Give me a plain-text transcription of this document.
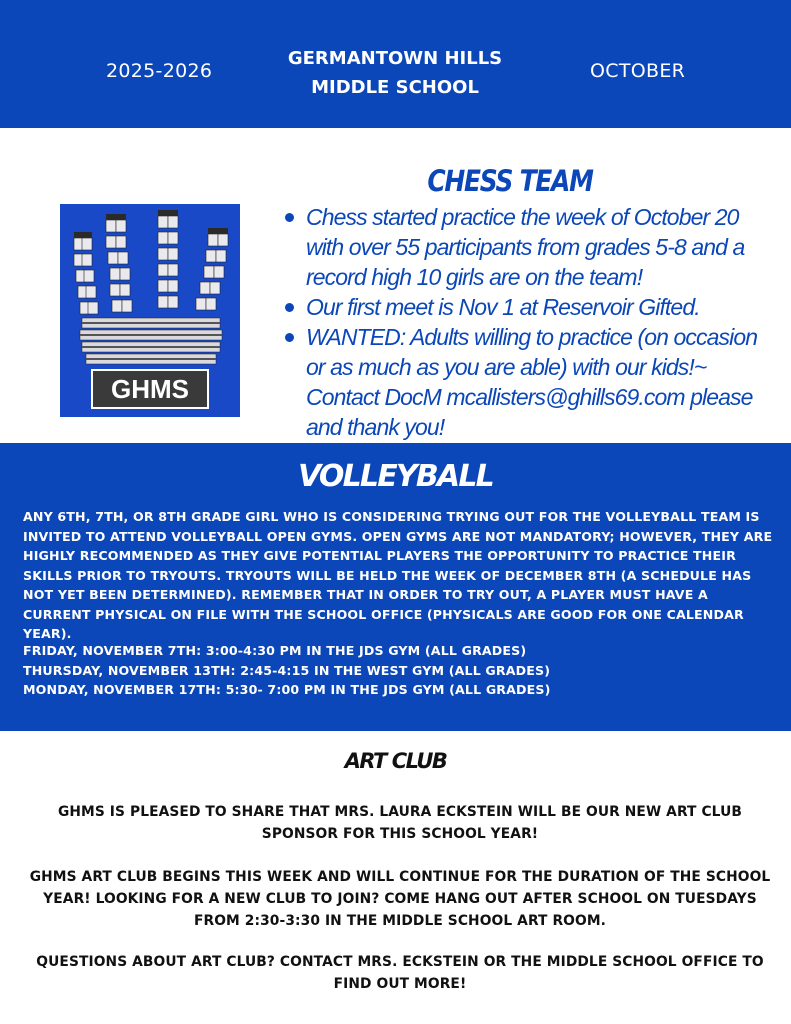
2025-2026
GERMANTOWN HILLS MIDDLE SCHOOL
OCTOBER
GHMS
CHESS TEAM
Chess started practice the week of October 20 with over 55 participants from grades 5-8 and a record high 10 girls are on the team!
Our first meet is Nov 1 at Reservoir Gifted.
WANTED: Adults willing to practice (on occasion or as much as you are able) with our kids!~ Contact DocM mcallisters@ghills69.com please and thank you!
VOLLEYBALL
ANY 6TH, 7TH, OR 8TH GRADE GIRL WHO IS CONSIDERING TRYING OUT FOR THE VOLLEYBALL TEAM IS INVITED TO ATTEND VOLLEYBALL OPEN GYMS. OPEN GYMS ARE NOT MANDATORY; HOWEVER, THEY ARE HIGHLY RECOMMENDED AS THEY GIVE POTENTIAL PLAYERS THE OPPORTUNITY TO PRACTICE THEIR SKILLS PRIOR TO TRYOUTS. TRYOUTS WILL BE HELD THE WEEK OF DECEMBER 8TH (A SCHEDULE HAS NOT YET BEEN DETERMINED). REMEMBER THAT IN ORDER TO TRY OUT, A PLAYER MUST HAVE A CURRENT PHYSICAL ON FILE WITH THE SCHOOL OFFICE (PHYSICALS ARE GOOD FOR ONE CALENDAR YEAR).
FRIDAY, NOVEMBER 7TH: 3:00-4:30 PM IN THE JDS GYM (ALL GRADES)
THURSDAY, NOVEMBER 13TH: 2:45-4:15 IN THE WEST GYM (ALL GRADES)
MONDAY, NOVEMBER 17TH: 5:30- 7:00 PM IN THE JDS GYM (ALL GRADES)
ART CLUB
GHMS IS PLEASED TO SHARE THAT MRS. LAURA ECKSTEIN WILL BE OUR NEW ART CLUB SPONSOR FOR THIS SCHOOL YEAR!
GHMS ART CLUB BEGINS THIS WEEK AND WILL CONTINUE FOR THE DURATION OF THE SCHOOL YEAR! LOOKING FOR A NEW CLUB TO JOIN? COME HANG OUT AFTER SCHOOL ON TUESDAYS FROM 2:30-3:30 IN THE MIDDLE SCHOOL ART ROOM.
QUESTIONS ABOUT ART CLUB? CONTACT MRS. ECKSTEIN OR THE MIDDLE SCHOOL OFFICE TO FIND OUT MORE!
